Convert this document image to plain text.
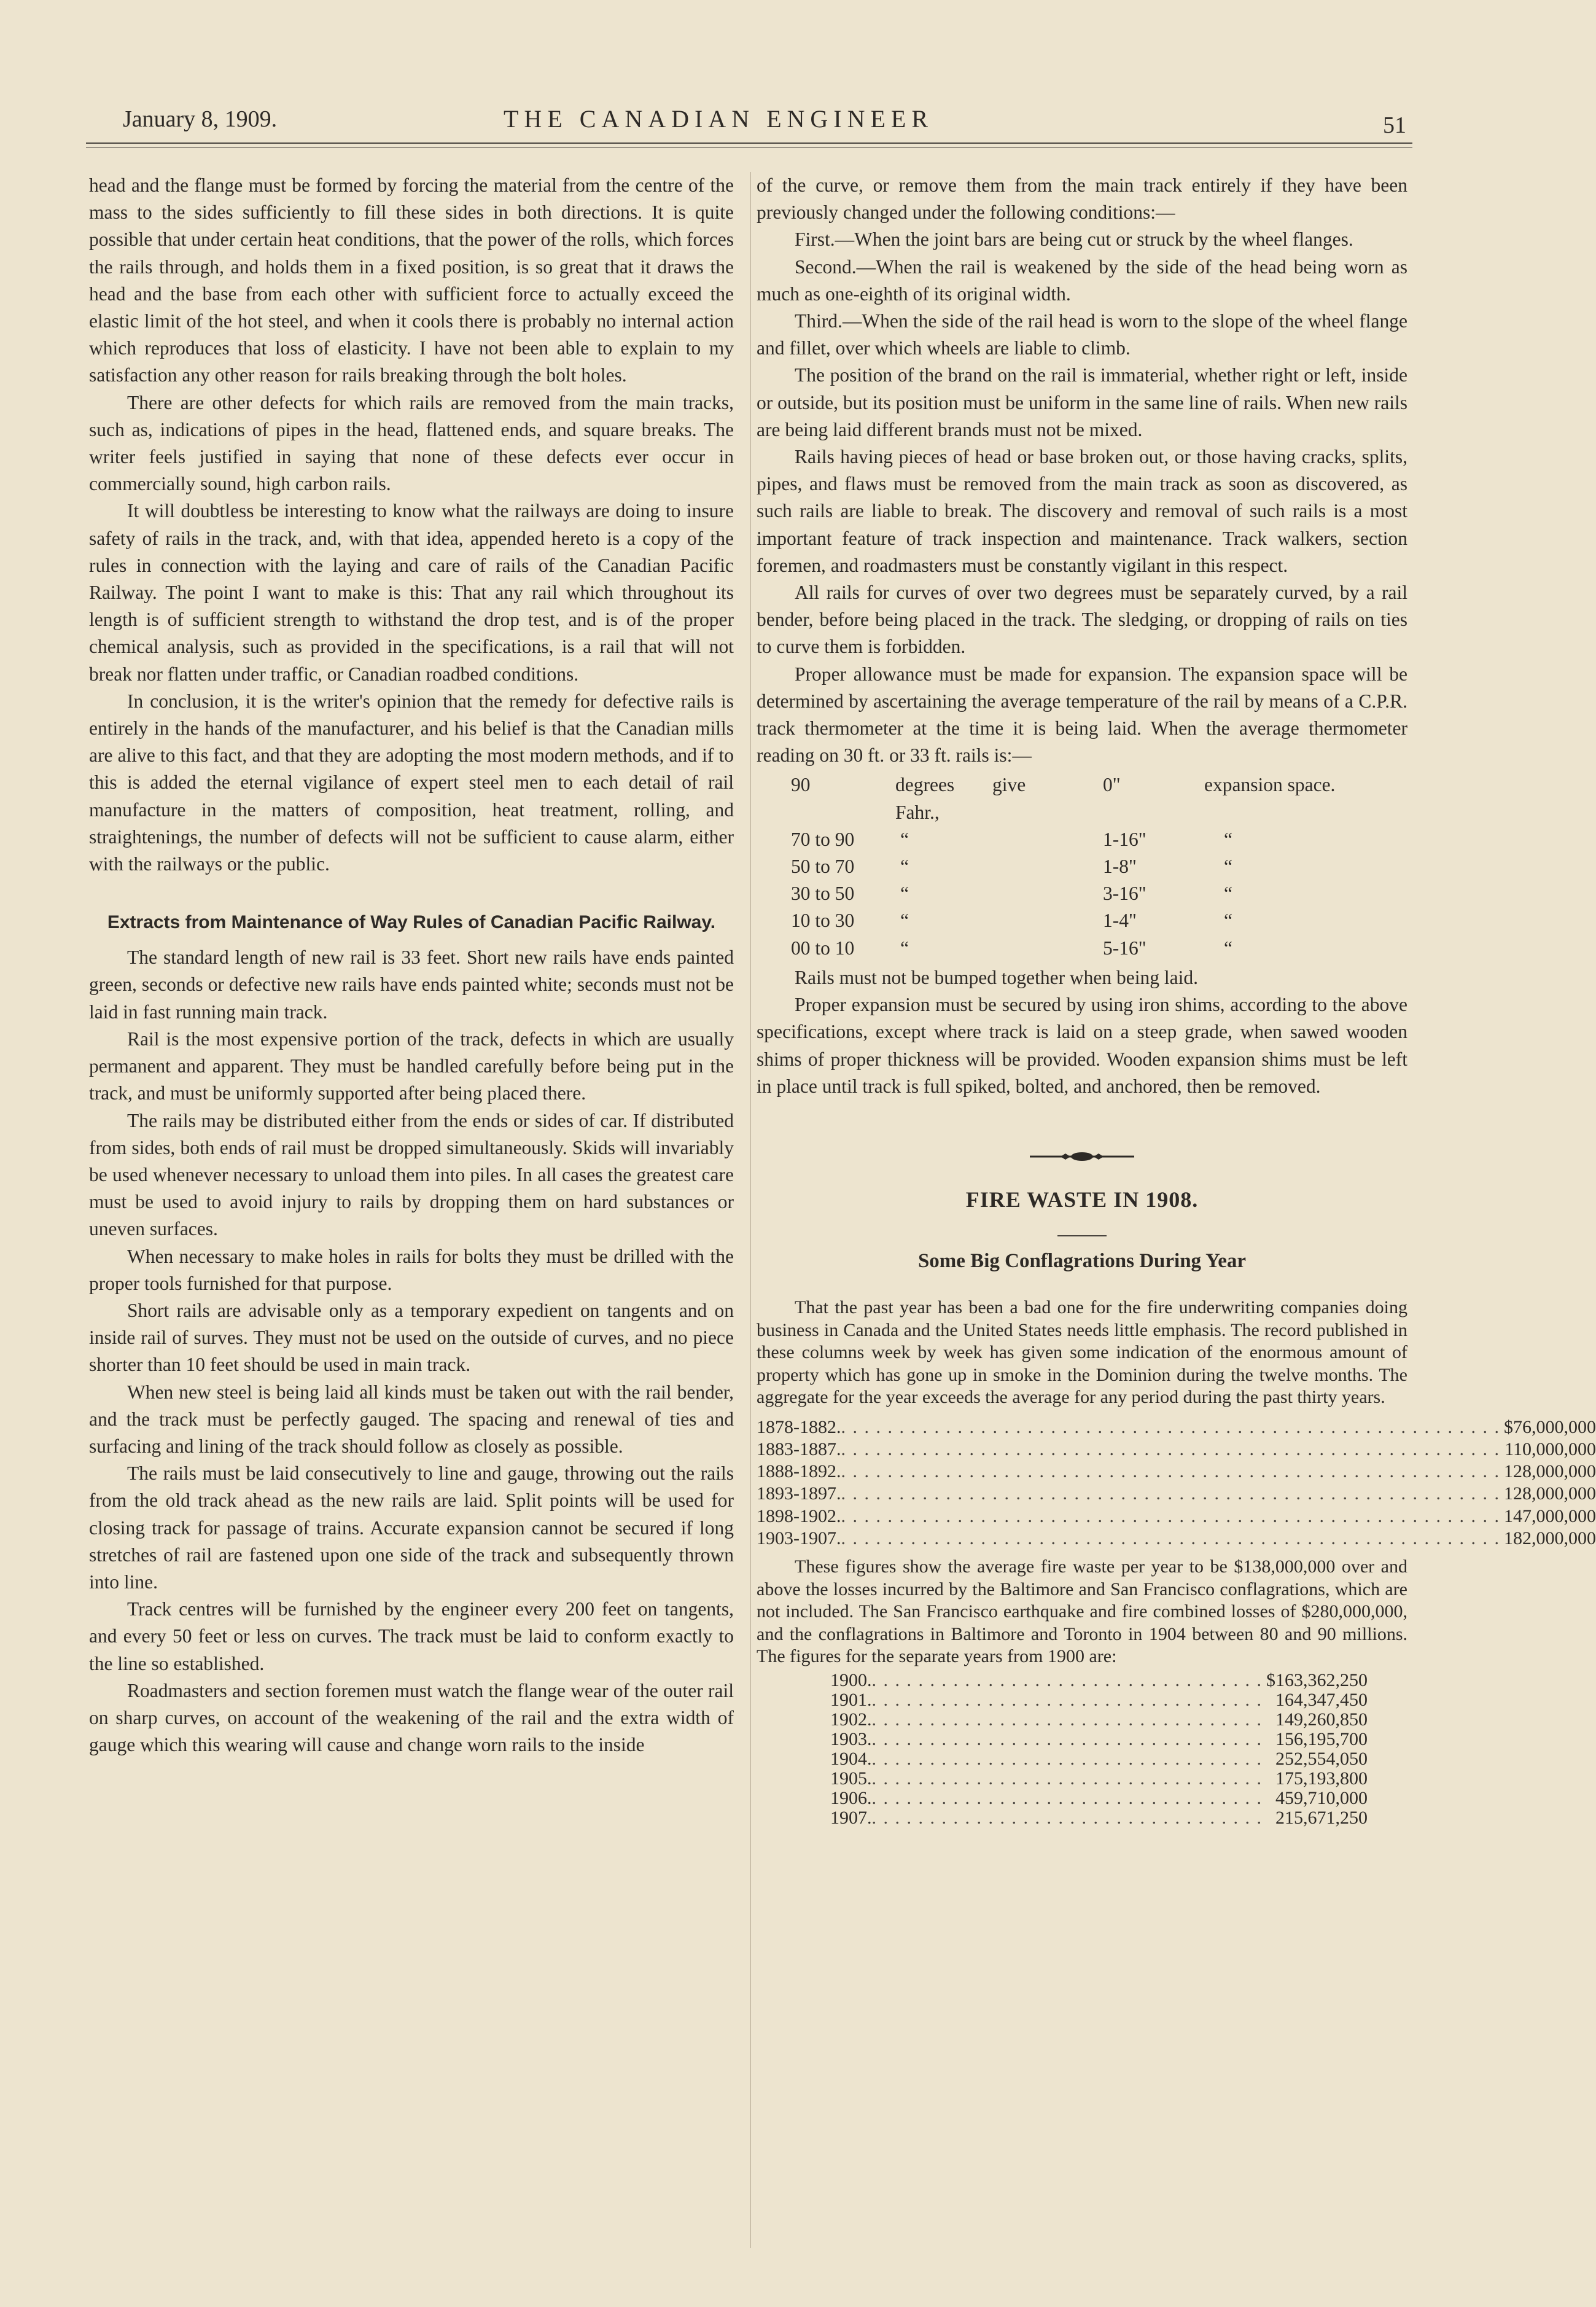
January 8, 1909.	THE CANADIAN ENGINEER	51

head and the flange must be formed by forcing the material from the centre of the mass to the sides sufficiently to fill these sides in both directions. It is quite possible that under certain heat conditions, that the power of the rolls, which forces the rails through, and holds them in a fixed position, is so great that it draws the head and the base from each other with sufficient force to actually exceed the elastic limit of the hot steel, and when it cools there is probably no internal action which reproduces that loss of elasticity. I have not been able to explain to my satisfaction any other reason for rails breaking through the bolt holes.

There are other defects for which rails are removed from the main tracks, such as, indications of pipes in the head, flattened ends, and square breaks. The writer feels justified in saying that none of these defects ever occur in commercially sound, high carbon rails.

It will doubtless be interesting to know what the railways are doing to insure safety of rails in the track, and, with that idea, appended hereto is a copy of the rules in connection with the laying and care of rails of the Canadian Pacific Railway. The point I want to make is this: That any rail which throughout its length is of sufficient strength to withstand the drop test, and is of the proper chemical analysis, such as provided in the specifications, is a rail that will not break nor flatten under traffic, or Canadian roadbed conditions.

In conclusion, it is the writer's opinion that the remedy for defective rails is entirely in the hands of the manufacturer, and his belief is that the Canadian mills are alive to this fact, and that they are adopting the most modern methods, and if to this is added the eternal vigilance of expert steel men to each detail of rail manufacture in the matters of composition, heat treatment, rolling, and straightenings, the number of defects will not be sufficient to cause alarm, either with the railways or the public.

Extracts from Maintenance of Way Rules of Canadian Pacific Railway.

The standard length of new rail is 33 feet. Short new rails have ends painted green, seconds or defective new rails have ends painted white; seconds must not be laid in fast running main track.

Rail is the most expensive portion of the track, defects in which are usually permanent and apparent. They must be handled carefully before being put in the track, and must be uniformly supported after being placed there.

The rails may be distributed either from the ends or sides of car. If distributed from sides, both ends of rail must be dropped simultaneously. Skids will invariably be used whenever necessary to unload them into piles. In all cases the greatest care must be used to avoid injury to rails by dropping them on hard substances or uneven surfaces.

When necessary to make holes in rails for bolts they must be drilled with the proper tools furnished for that purpose.

Short rails are advisable only as a temporary expedient on tangents and on inside rail of surves. They must not be used on the outside of curves, and no piece shorter than 10 feet should be used in main track.

When new steel is being laid all kinds must be taken out with the rail bender, and the track must be perfectly gauged. The spacing and renewal of ties and surfacing and lining of the track should follow as closely as possible.

The rails must be laid consecutively to line and gauge, throwing out the rails from the old track ahead as the new rails are laid. Split points will be used for closing track for passage of trains. Accurate expansion cannot be secured if long stretches of rail are fastened upon one side of the track and subsequently thrown into line.

Track centres will be furnished by the engineer every 200 feet on tangents, and every 50 feet or less on curves. The track must be laid to conform exactly to the line so established.

Roadmasters and section foremen must watch the flange wear of the outer rail on sharp curves, on account of the weakening of the rail and the extra width of gauge which this wearing will cause and change worn rails to the inside

of the curve, or remove them from the main track entirely if they have been previously changed under the following conditions:—

First.—When the joint bars are being cut or struck by the wheel flanges.

Second.—When the rail is weakened by the side of the head being worn as much as one-eighth of its original width.

Third.—When the side of the rail head is worn to the slope of the wheel flange and fillet, over which wheels are liable to climb.

The position of the brand on the rail is immaterial, whether right or left, inside or outside, but its position must be uniform in the same line of rails. When new rails are being laid different brands must not be mixed.

Rails having pieces of head or base broken out, or those having cracks, splits, pipes, and flaws must be removed from the main track as soon as discovered, as such rails are liable to break. The discovery and removal of such rails is a most important feature of track inspection and maintenance. Track walkers, section foremen, and roadmasters must be constantly vigilant in this respect.

All rails for curves of over two degrees must be separately curved, by a rail bender, before being placed in the track. The sledging, or dropping of rails on ties to curve them is forbidden.

Proper allowance must be made for expansion. The expansion space will be determined by ascertaining the average temperature of the rail by means of a C.P.R. track thermometer at the time it is being laid. When the average thermometer reading on 30 ft. or 33 ft. rails is:—

90	degrees Fahr.,	give	0"	expansion space.
70 to 90	“		1-16"	“
50 to 70	“		1-8"	“
30 to 50	“		3-16"	“
10 to 30	“		1-4"	“
00 to 10	“		5-16"	“

Rails must not be bumped together when being laid.

Proper expansion must be secured by using iron shims, according to the above specifications, except where track is laid on a steep grade, when sawed wooden shims of proper thickness will be provided. Wooden expansion shims must be left in place until track is full spiked, bolted, and anchored, then be removed.

FIRE WASTE IN 1908.
Some Big Conflagrations During Year

That the past year has been a bad one for the fire underwriting companies doing business in Canada and the United States needs little emphasis. The record published in these columns week by week has given some indication of the enormous amount of property which has gone up in smoke in the Dominion during the twelve months. The aggregate for the year exceeds the average for any period during the past thirty years.

1878-1882.	. . . . . . . . . . . . . . . . . . . . . . . . . . . . . . . . . . . . . . . . . . . . . . . . . . . . . . . . .	$76,000,000
1883-1887.	. . . . . . . . . . . . . . . . . . . . . . . . . . . . . . . . . . . . . . . . . . . . . . . . . . . . . . . . .	110,000,000
1888-1892.	. . . . . . . . . . . . . . . . . . . . . . . . . . . . . . . . . . . . . . . . . . . . . . . . . . . . . . . . .	128,000,000
1893-1897.	. . . . . . . . . . . . . . . . . . . . . . . . . . . . . . . . . . . . . . . . . . . . . . . . . . . . . . . . .	128,000,000
1898-1902.	. . . . . . . . . . . . . . . . . . . . . . . . . . . . . . . . . . . . . . . . . . . . . . . . . . . . . . . . .	147,000,000
1903-1907.	. . . . . . . . . . . . . . . . . . . . . . . . . . . . . . . . . . . . . . . . . . . . . . . . . . . . . . . . .	182,000,000

These figures show the average fire waste per year to be $138,000,000 over and above the losses incurred by the Baltimore and San Francisco conflagrations, which are not included. The San Francisco earthquake and fire combined losses of $280,000,000, and the conflagrations in Baltimore and Toronto in 1904 between 80 and 90 millions. The figures for the separate years from 1900 are:

1900.	. . . . . . . . . . . . . . . . . . . . . . . . . . . . . . . . . .	$163,362,250
1901.	. . . . . . . . . . . . . . . . . . . . . . . . . . . . . . . . . .	164,347,450
1902.	. . . . . . . . . . . . . . . . . . . . . . . . . . . . . . . . . .	149,260,850
1903.	. . . . . . . . . . . . . . . . . . . . . . . . . . . . . . . . . .	156,195,700
1904.	. . . . . . . . . . . . . . . . . . . . . . . . . . . . . . . . . .	252,554,050
1905.	. . . . . . . . . . . . . . . . . . . . . . . . . . . . . . . . . .	175,193,800
1906.	. . . . . . . . . . . . . . . . . . . . . . . . . . . . . . . . . .	459,710,000
1907.	. . . . . . . . . . . . . . . . . . . . . . . . . . . . . . . . . .	215,671,250
